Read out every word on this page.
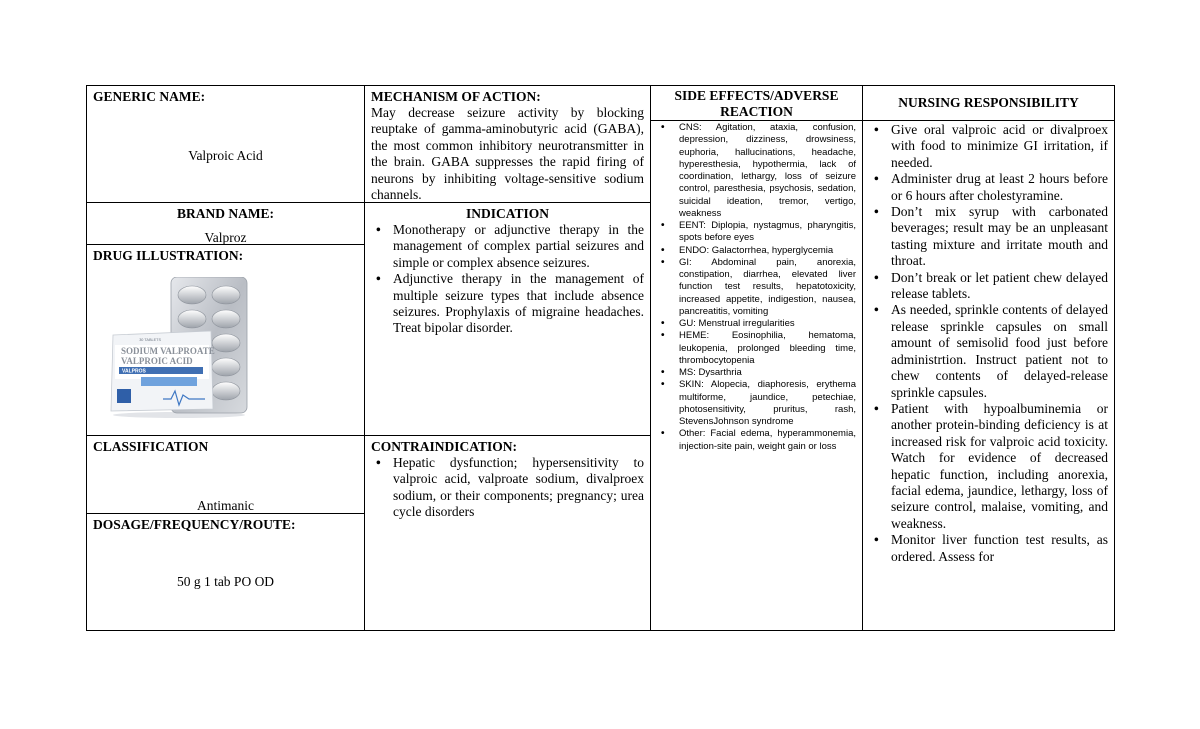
GENERIC NAME:
Valproic Acid
BRAND NAME:
Valproz
DRUG ILLUSTRATION:
30 TABLETS
SODIUM VALPROATE
VALPROIC ACID
VALPROS
CLASSIFICATION
Antimanic
DOSAGE/FREQUENCY/ROUTE:
50 g 1 tab PO OD
MECHANISM OF ACTION:
May decrease seizure activity by blocking reuptake of gamma-aminobutyric acid (GABA), the most common inhibitory neurotransmitter in the brain. GABA suppresses the rapid firing of neurons by inhibiting voltage-sensitive sodium channels.
INDICATION
• Monotherapy or adjunctive therapy in the management of complex partial seizures and simple or complex absence seizures.
• Adjunctive therapy in the management of multiple seizure types that include absence seizures. Prophylaxis of migraine headaches. Treat bipolar disorder.
CONTRAINDICATION:
• Hepatic dysfunction; hypersensitivity to valproic acid, valproate sodium, divalproex sodium, or their components; pregnancy; urea cycle disorders
SIDE EFFECTS/ADVERSE REACTION
• CNS: Agitation, ataxia, confusion, depression, dizziness, drowsiness, euphoria, hallucinations, headache, hyperesthesia, hypothermia, lack of coordination, lethargy, loss of seizure control, paresthesia, psychosis, sedation, suicidal ideation, tremor, vertigo, weakness
• EENT: Diplopia, nystagmus, pharyngitis, spots before eyes
• ENDO: Galactorrhea, hyperglycemia
• GI: Abdominal pain, anorexia, constipation, diarrhea, elevated liver function test results, hepatotoxicity, increased appetite, indigestion, nausea, pancreatitis, vomiting
• GU: Menstrual irregularities
• HEME: Eosinophilia, hematoma, leukopenia, prolonged bleeding time, thrombocytopenia
• MS: Dysarthria
• SKIN: Alopecia, diaphoresis, erythema multiforme, jaundice, petechiae, photosensitivity, pruritus, rash, StevensJohnson syndrome
• Other: Facial edema, hyperammonemia, injection-site pain, weight gain or loss
NURSING RESPONSIBILITY
• Give oral valproic acid or divalproex with food to minimize GI irritation, if needed.
• Administer drug at least 2 hours before or 6 hours after cholestyramine.
• Don’t mix syrup with carbonated beverages; result may be an unpleasant tasting mixture and irritate mouth and throat.
• Don’t break or let patient chew delayed release tablets.
• As needed, sprinkle contents of delayed release sprinkle capsules on small amount of semisolid food just before administrtion. Instruct patient not to chew contents of delayed-release sprinkle capsules.
• Patient with hypoalbuminemia or another protein-binding deficiency is at increased risk for valproic acid toxicity. Watch for evidence of decreased hepatic function, including anorexia, facial edema, jaundice, lethargy, loss of seizure control, malaise, vomiting, and weakness.
• Monitor liver function test results, as ordered. Assess for
